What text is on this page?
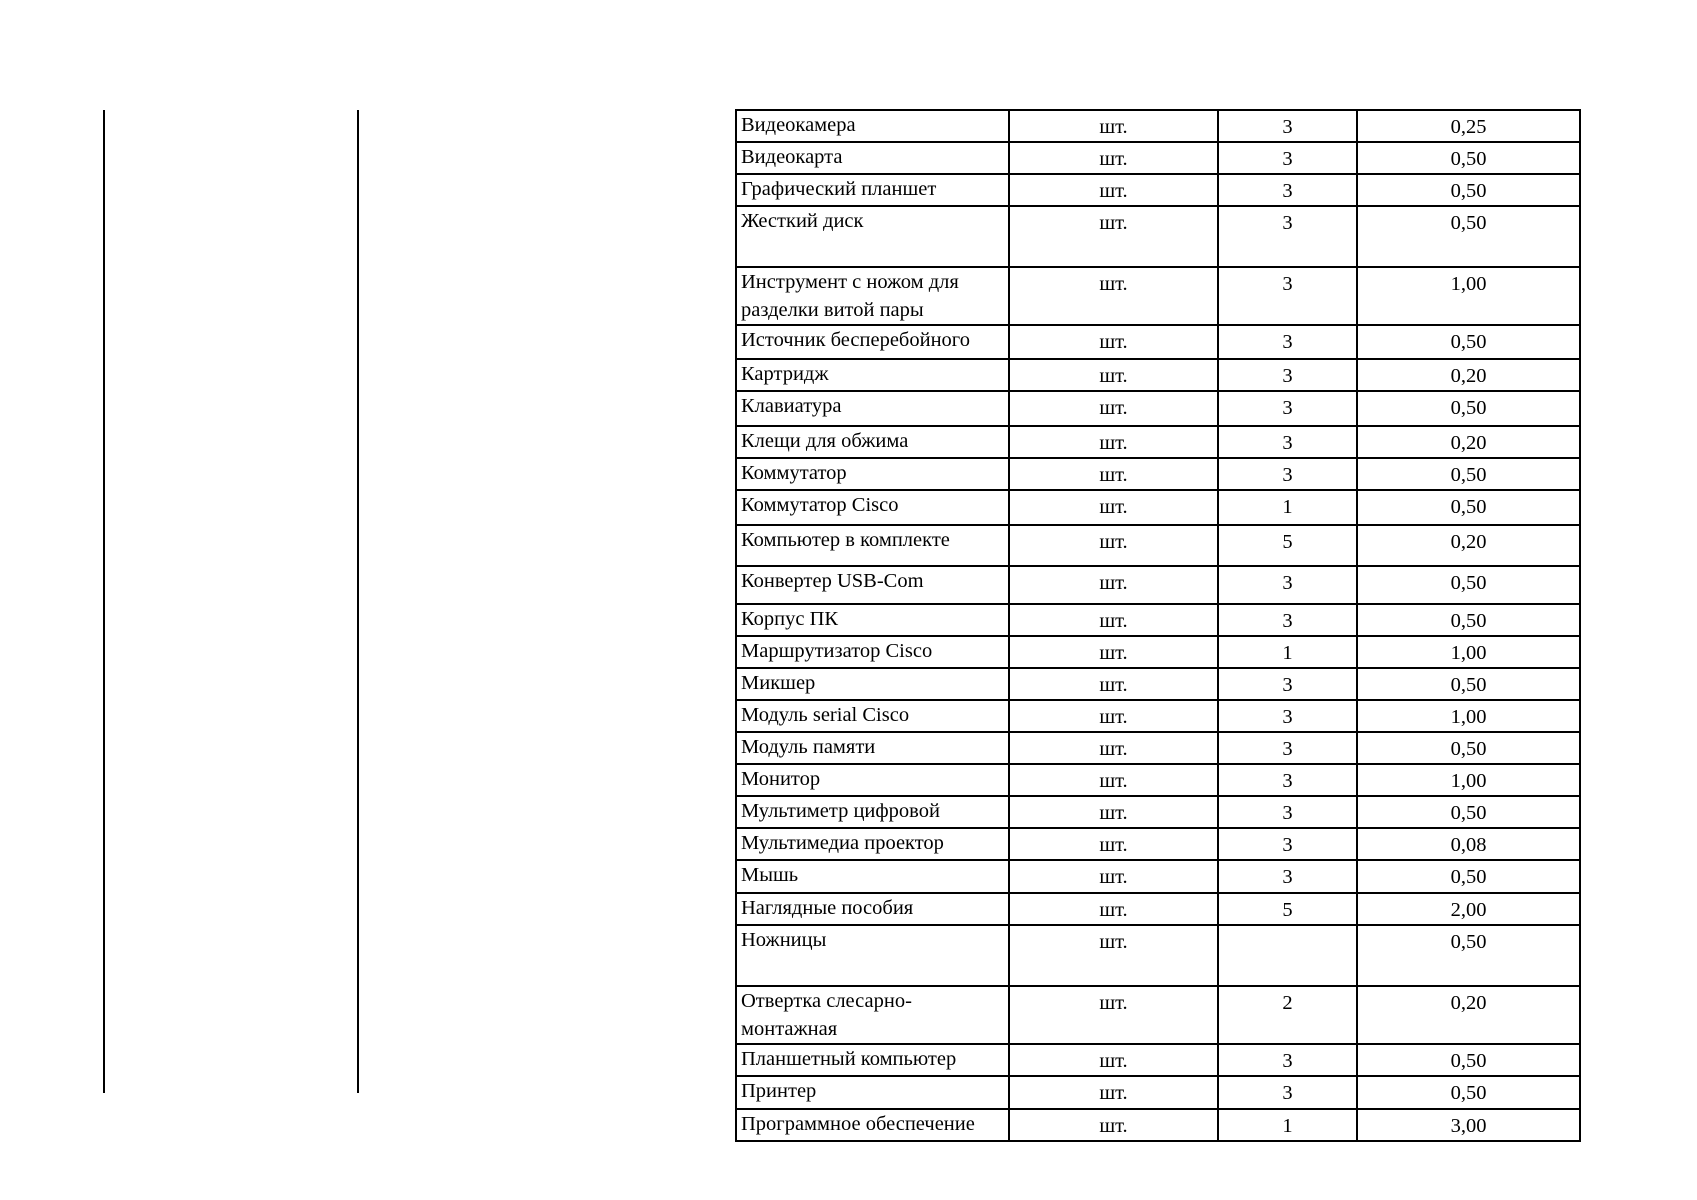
Видеокамера	шт.	3	0,25
Видеокарта	шт.	3	0,50
Графический планшет	шт.	3	0,50
Жесткий диск	шт.	3	0,50
Инструмент с ножом для разделки витой пары	шт.	3	1,00
Источник бесперебойного	шт.	3	0,50
Картридж	шт.	3	0,20
Клавиатура	шт.	3	0,50
Клещи для обжима	шт.	3	0,20
Коммутатор	шт.	3	0,50
Коммутатор Cisco	шт.	1	0,50
Компьютер в комплекте	шт.	5	0,20
Конвертер USB-Com	шт.	3	0,50
Корпус ПК	шт.	3	0,50
Маршрутизатор Cisco	шт.	1	1,00
Микшер	шт.	3	0,50
Модуль serial Cisco	шт.	3	1,00
Модуль памяти	шт.	3	0,50
Монитор	шт.	3	1,00
Мультиметр цифровой	шт.	3	0,50
Мультимедиа проектор	шт.	3	0,08
Мышь	шт.	3	0,50
Наглядные пособия	шт.	5	2,00
Ножницы	шт.		0,50
Отвертка слесарно-монтажная	шт.	2	0,20
Планшетный компьютер	шт.	3	0,50
Принтер	шт.	3	0,50
Программное обеспечение	шт.	1	3,00
